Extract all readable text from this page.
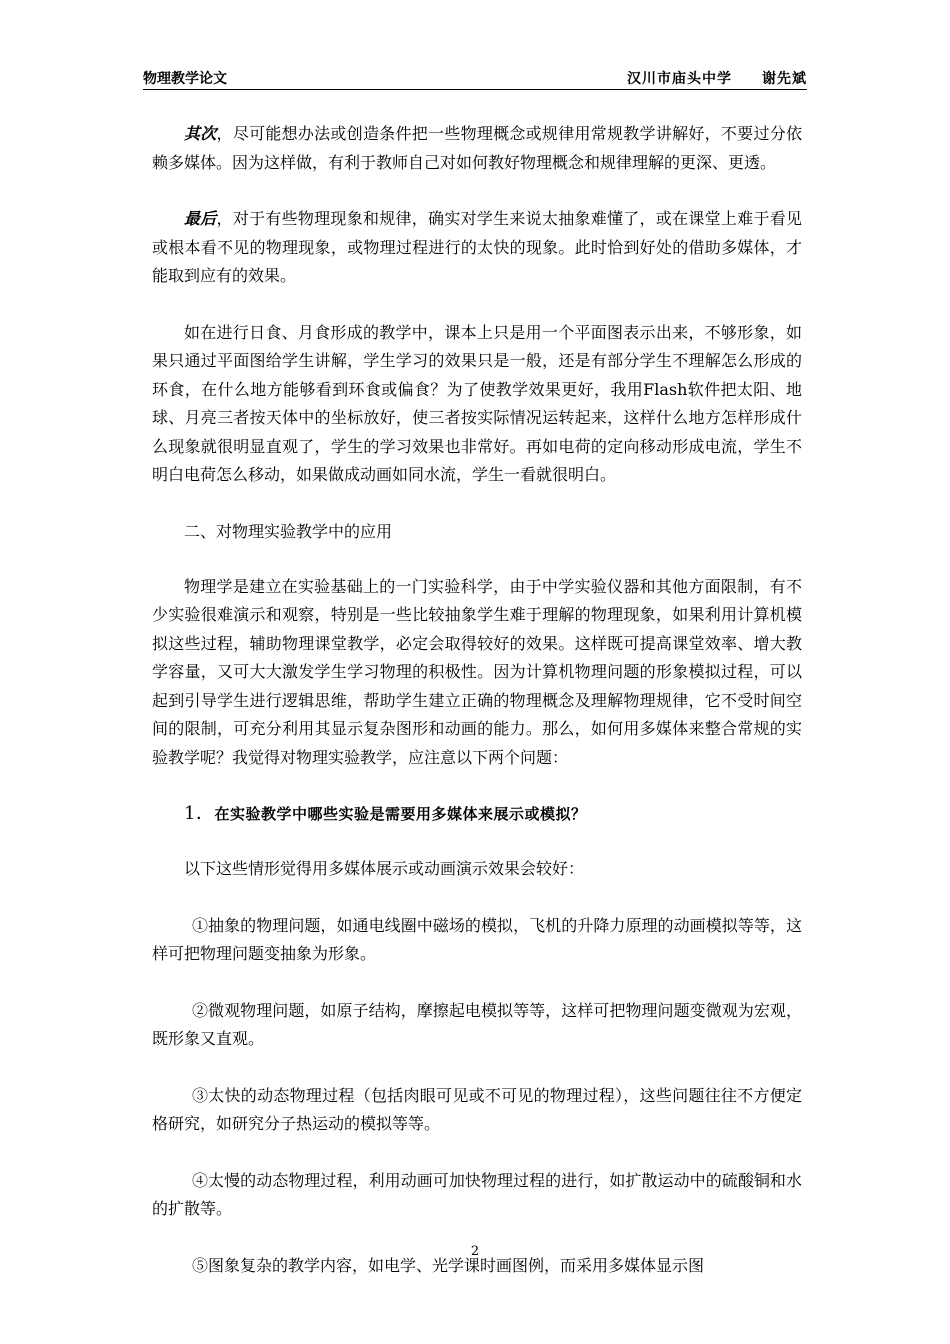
物理教学论文	汉川市庙头中学　　谢先斌

其次，尽可能想办法或创造条件把一些物理概念或规律用常规教学讲解好，不要过分依赖多媒体。因为这样做，有利于教师自己对如何教好物理概念和规律理解的更深、更透。

最后，对于有些物理现象和规律，确实对学生来说太抽象难懂了，或在课堂上难于看见或根本看不见的物理现象，或物理过程进行的太快的现象。此时恰到好处的借助多媒体，才能取到应有的效果。

如在进行日食、月食形成的教学中，课本上只是用一个平面图表示出来，不够形象，如果只通过平面图给学生讲解，学生学习的效果只是一般，还是有部分学生不理解怎么形成的环食，在什么地方能够看到环食或偏食？为了使教学效果更好，我用Flash软件把太阳、地球、月亮三者按天体中的坐标放好，使三者按实际情况运转起来，这样什么地方怎样形成什么现象就很明显直观了，学生的学习效果也非常好。再如电荷的定向移动形成电流，学生不明白电荷怎么移动，如果做成动画如同水流，学生一看就很明白。

二、对物理实验教学中的应用

物理学是建立在实验基础上的一门实验科学，由于中学实验仪器和其他方面限制，有不少实验很难演示和观察，特别是一些比较抽象学生难于理解的物理现象，如果利用计算机模拟这些过程，辅助物理课堂教学，必定会取得较好的效果。这样既可提高课堂效率、增大教学容量，又可大大激发学生学习物理的积极性。因为计算机物理问题的形象模拟过程，可以起到引导学生进行逻辑思维，帮助学生建立正确的物理概念及理解物理规律，它不受时间空间的限制，可充分利用其显示复杂图形和动画的能力。那么，如何用多媒体来整合常规的实验教学呢？我觉得对物理实验教学，应注意以下两个问题：

1．在实验教学中哪些实验是需要用多媒体来展示或模拟？

以下这些情形觉得用多媒体展示或动画演示效果会较好：

①抽象的物理问题，如通电线圈中磁场的模拟，飞机的升降力原理的动画模拟等等，这样可把物理问题变抽象为形象。

②微观物理问题，如原子结构，摩擦起电模拟等等，这样可把物理问题变微观为宏观，既形象又直观。

③太快的动态物理过程（包括肉眼可见或不可见的物理过程），这些问题往往不方便定格研究，如研究分子热运动的模拟等等。

④太慢的动态物理过程，利用动画可加快物理过程的进行，如扩散运动中的硫酸铜和水的扩散等。

⑤图象复杂的教学内容，如电学、光学课时画图例，而采用多媒体显示图

2
